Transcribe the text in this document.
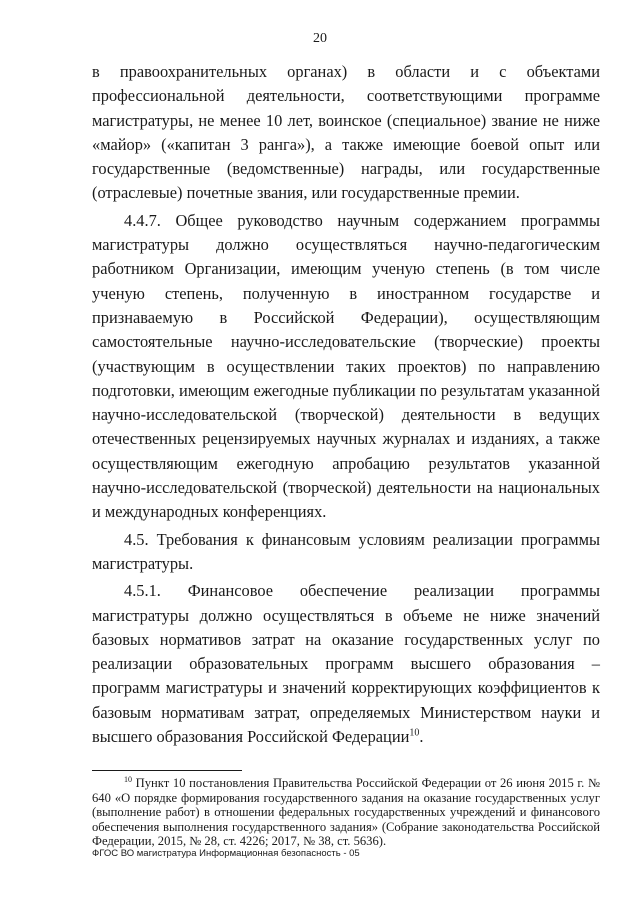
20

в правоохранительных органах) в области и с объектами профессиональной деятельности, соответствующими программе магистратуры, не менее 10 лет, воинское (специальное) звание не ниже «майор» («капитан 3 ранга»), а также имеющие боевой опыт или государственные (ведомственные) награды, или государственные (отраслевые) почетные звания, или государственные премии.

4.4.7. Общее руководство научным содержанием программы магистратуры должно осуществляться научно-педагогическим работником Организации, имеющим ученую степень (в том числе ученую степень, полученную в иностранном государстве и признаваемую в Российской Федерации), осуществляющим самостоятельные научно-исследовательские (творческие) проекты (участвующим в осуществлении таких проектов) по направлению подготовки, имеющим ежегодные публикации по результатам указанной научно-исследовательской (творческой) деятельности в ведущих отечественных рецензируемых научных журналах и изданиях, а также осуществляющим ежегодную апробацию результатов указанной научно-исследовательской (творческой) деятельности на национальных и международных конференциях.

4.5. Требования к финансовым условиям реализации программы магистратуры.

4.5.1. Финансовое обеспечение реализации программы магистратуры должно осуществляться в объеме не ниже значений базовых нормативов затрат на оказание государственных услуг по реализации образовательных программ высшего образования – программ магистратуры и значений корректирующих коэффициентов к базовым нормативам затрат, определяемых Министерством науки и высшего образования Российской Федерации$^{10}$.

$^{10}$ Пункт 10 постановления Правительства Российской Федерации от 26 июня 2015 г. № 640 «О порядке формирования государственного задания на оказание государственных услуг (выполнение работ) в отношении федеральных государственных учреждений и финансового обеспечения выполнения государственного задания» (Собрание законодательства Российской Федерации, 2015, № 28, ст. 4226; 2017, № 38, ст. 5636).

ФГОС ВО магистратура Информационная безопасность - 05
